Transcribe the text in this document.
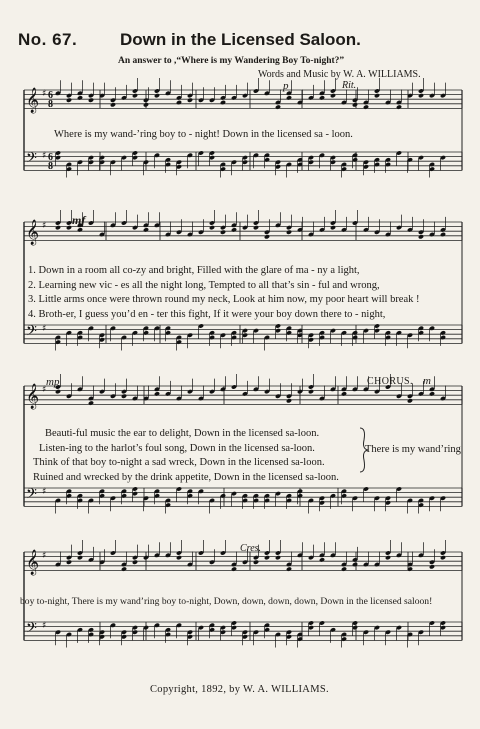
No. 67.	Down in the Licensed Saloon.
An answer to ,“Where is my Wandering Boy To-night?”
Words and Music by W. A. WILLIAMS.
𝄞 ♯
𝄢 ♯
𝄞 ♯
𝄢 ♯
𝄞 ♯
𝄢 ♯
𝄞 ♯
𝄢 ♯
6
8
6
8
p	Rit.
Where is my wand-’ring boy to - night! Down in the licensed sa - loon.
mf
1. Down in a room all co-zy and bright, Filled with the glare of ma - ny a light,
2. Learning new vic - es all the night long, Tempted to all that’s sin - ful and wrong,
3. Little arms once were thrown round my neck, Look at him now, my poor heart will break !
4. Broth-er, I guess you’d en - ter this fight, If it were your boy down there to - night,
mp	CHORUS. m
Beauti-ful music the ear to delight, Down in the licensed sa-loon.
Listen-ing to the harlot’s foul song, Down in the licensed sa-loon.
Think of that boy to-night a sad wreck, Down in the licensed sa-loon.
Ruined and wrecked by the drink appetite, Down in the licensed sa-loon.
There is my wand’ring
Cres.
boy to-night, There is my wand’ring boy to-night, Down, down, down, down, Down in the licensed saloon!
Copyright, 1892, by W. A. WILLIAMS.
